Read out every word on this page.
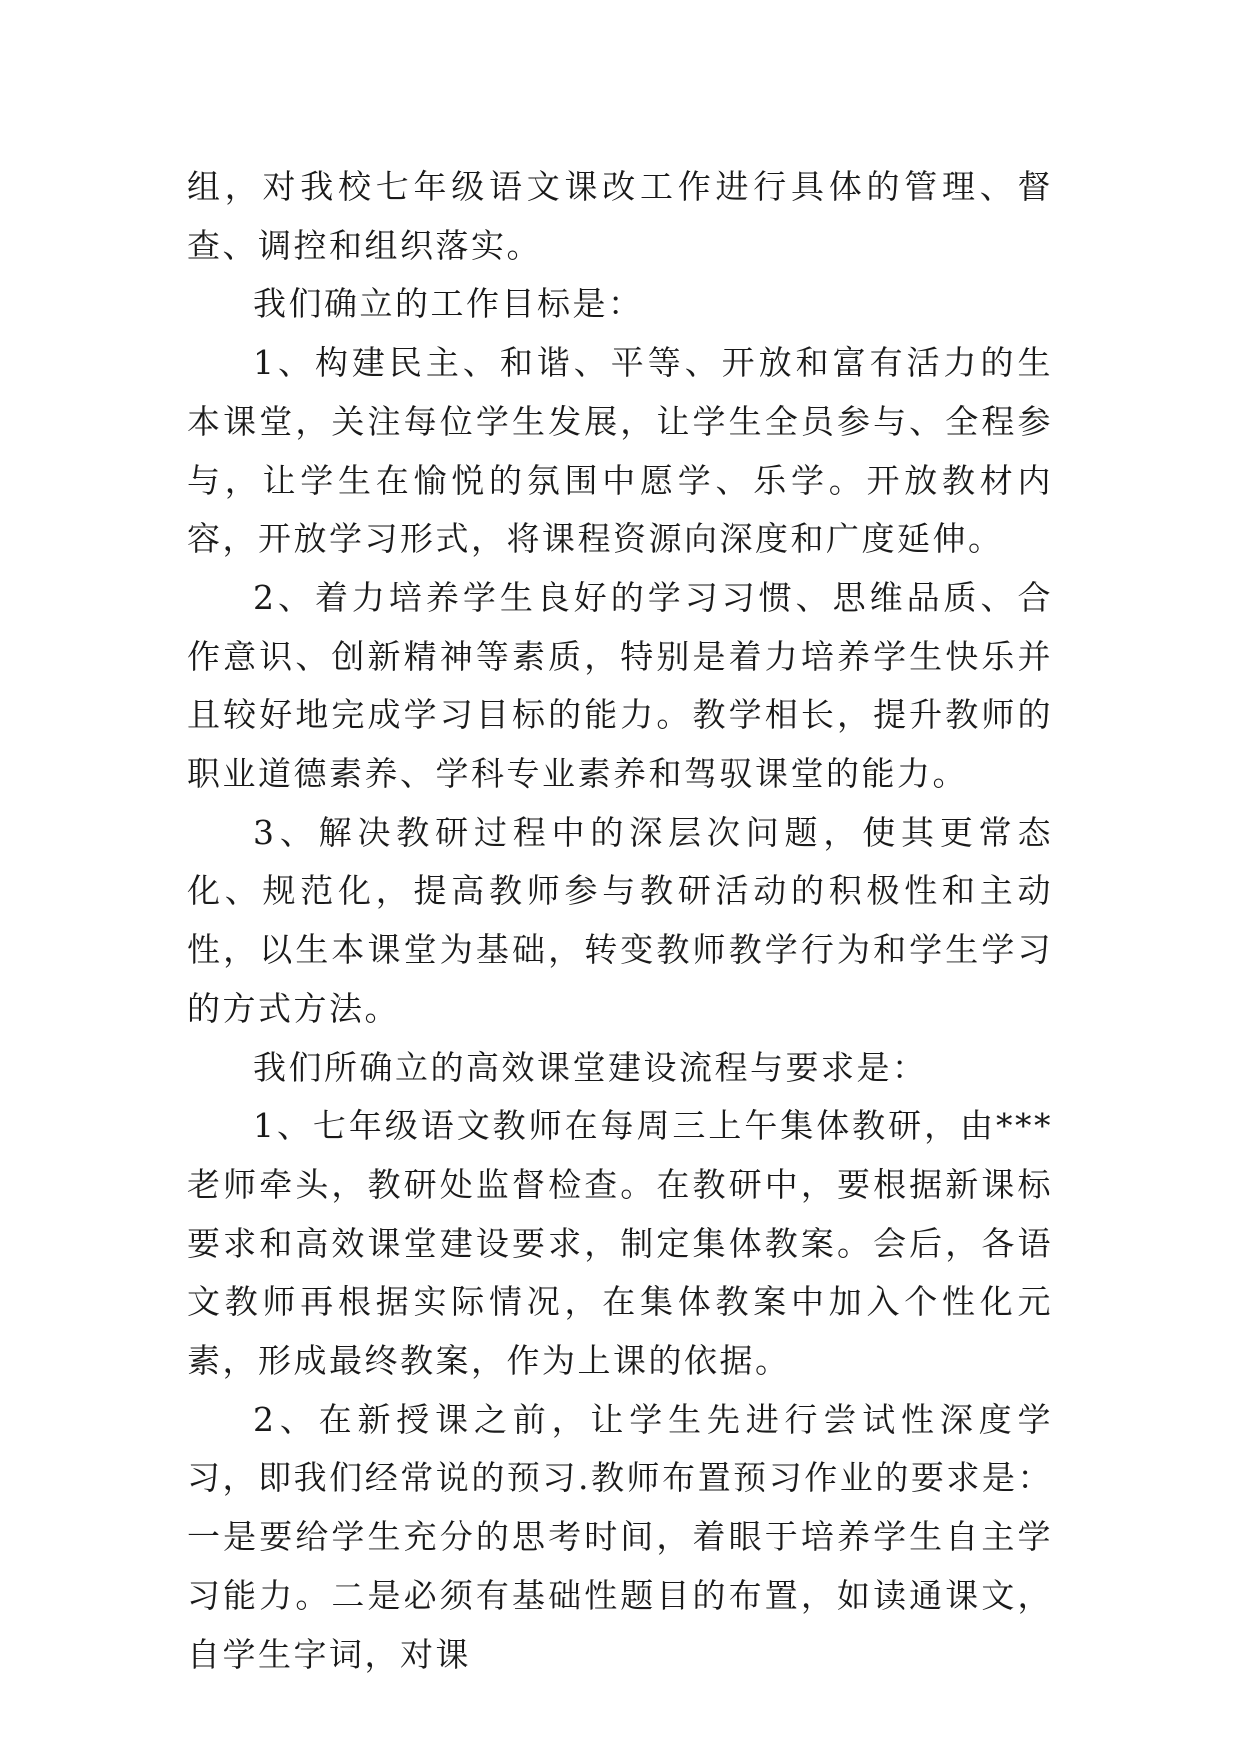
组，对我校七年级语文课改工作进行具体的管理、督查、调控和组织落实。

我们确立的工作目标是：

1、构建民主、和谐、平等、开放和富有活力的生本课堂，关注每位学生发展，让学生全员参与、全程参与，让学生在愉悦的氛围中愿学、乐学。开放教材内容，开放学习形式，将课程资源向深度和广度延伸。

2、着力培养学生良好的学习习惯、思维品质、合作意识、创新精神等素质，特别是着力培养学生快乐并且较好地完成学习目标的能力。教学相长，提升教师的职业道德素养、学科专业素养和驾驭课堂的能力。

3、解决教研过程中的深层次问题，使其更常态化、规范化，提高教师参与教研活动的积极性和主动性，以生本课堂为基础，转变教师教学行为和学生学习的方式方法。

我们所确立的高效课堂建设流程与要求是：

1、七年级语文教师在每周三上午集体教研，由***老师牵头，教研处监督检查。在教研中，要根据新课标要求和高效课堂建设要求，制定集体教案。会后，各语文教师再根据实际情况，在集体教案中加入个性化元素，形成最终教案，作为上课的依据。

2、在新授课之前，让学生先进行尝试性深度学习，即我们经常说的预习.教师布置预习作业的要求是：一是要给学生充分的思考时间，着眼于培养学生自主学习能力。二是必须有基础性题目的布置，如读通课文，自学生字词，对课
